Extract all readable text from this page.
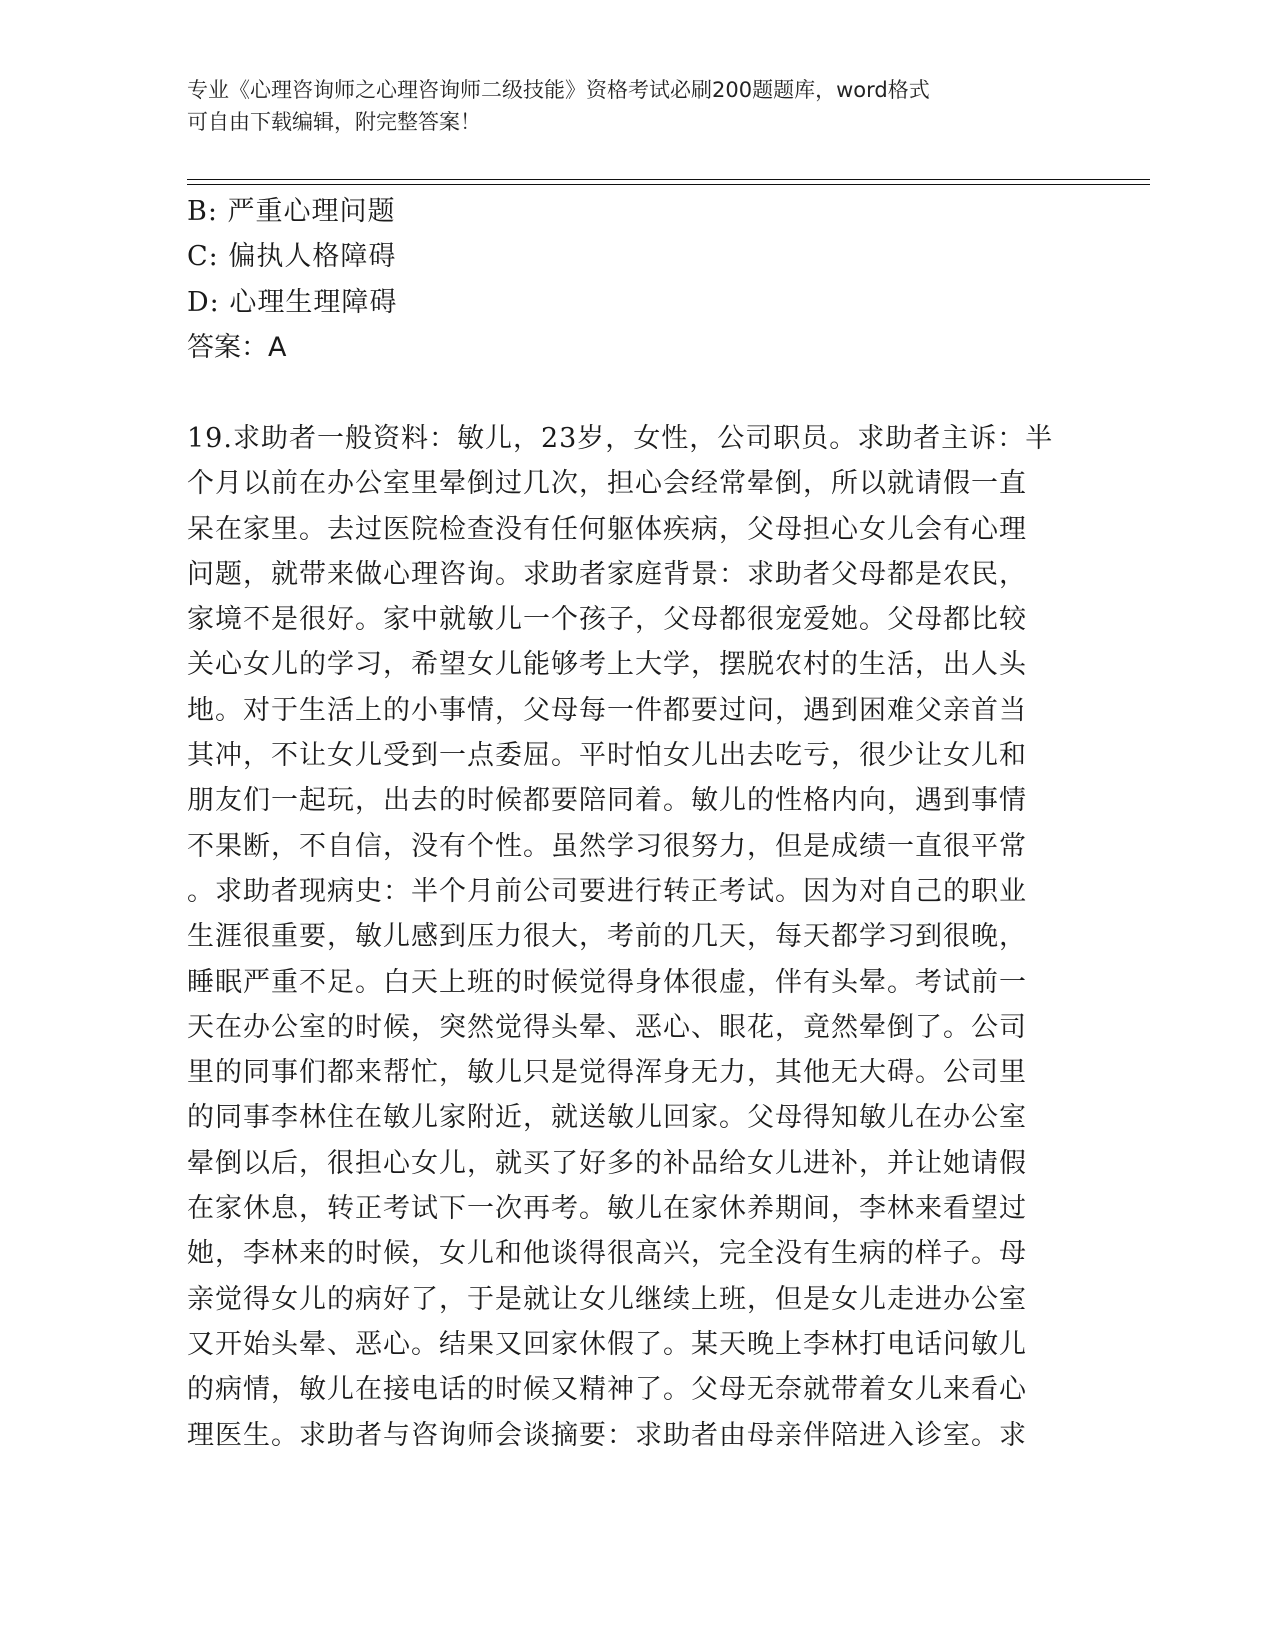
专业《心理咨询师之心理咨询师二级技能》资格考试必刷200题题库，word格式
可自由下载编辑，附完整答案！
B: 严重心理问题
C: 偏执人格障碍
D: 心理生理障碍
答案：A
19.求助者一般资料：敏儿，23岁，女性，公司职员。求助者主诉：半
个月以前在办公室里晕倒过几次，担心会经常晕倒，所以就请假一直
呆在家里。去过医院检查没有任何躯体疾病，父母担心女儿会有心理
问题，就带来做心理咨询。求助者家庭背景：求助者父母都是农民，
家境不是很好。家中就敏儿一个孩子，父母都很宠爱她。父母都比较
关心女儿的学习，希望女儿能够考上大学，摆脱农村的生活，出人头
地。对于生活上的小事情，父母每一件都要过问，遇到困难父亲首当
其冲，不让女儿受到一点委屈。平时怕女儿出去吃亏，很少让女儿和
朋友们一起玩，出去的时候都要陪同着。敏儿的性格内向，遇到事情
不果断，不自信，没有个性。虽然学习很努力，但是成绩一直很平常
。求助者现病史：半个月前公司要进行转正考试。因为对自己的职业
生涯很重要，敏儿感到压力很大，考前的几天，每天都学习到很晚，
睡眠严重不足。白天上班的时候觉得身体很虚，伴有头晕。考试前一
天在办公室的时候，突然觉得头晕、恶心、眼花，竟然晕倒了。公司
里的同事们都来帮忙，敏儿只是觉得浑身无力，其他无大碍。公司里
的同事李林住在敏儿家附近，就送敏儿回家。父母得知敏儿在办公室
晕倒以后，很担心女儿，就买了好多的补品给女儿进补，并让她请假
在家休息，转正考试下一次再考。敏儿在家休养期间，李林来看望过
她，李林来的时候，女儿和他谈得很高兴，完全没有生病的样子。母
亲觉得女儿的病好了，于是就让女儿继续上班，但是女儿走进办公室
又开始头晕、恶心。结果又回家休假了。某天晚上李林打电话问敏儿
的病情，敏儿在接电话的时候又精神了。父母无奈就带着女儿来看心
理医生。求助者与咨询师会谈摘要：求助者由母亲伴陪进入诊室。求
